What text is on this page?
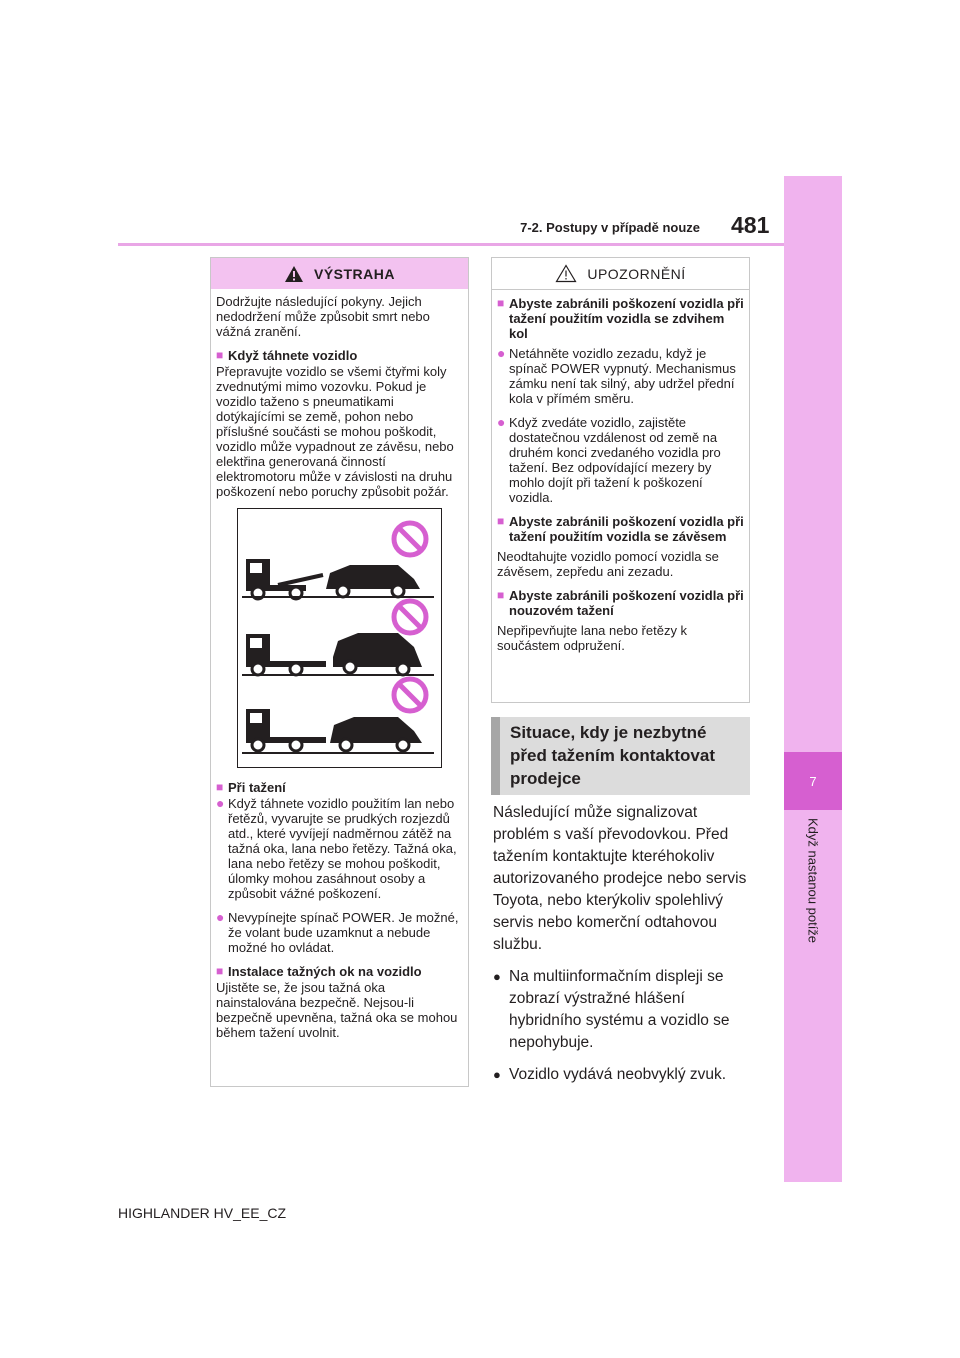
7
Když nastanou potíže
7-2. Postupy v případě nouze 481
VÝSTRAHA

Dodržujte následující pokyny. Jejich nedodržení může způsobit smrt nebo vážná zranění.

■ Když táhnete vozidlo

Přepravujte vozidlo se všemi čtyřmi koly zvednutými mimo vozovku. Pokud je vozidlo taženo s pneumatikami dotýkajícími se země, pohon nebo příslušné součásti se mohou poškodit, vozidlo může vypadnout ze závěsu, nebo elektřina generovaná činností elektromotoru může v závislosti na druhu poškození nebo poruchy způsobit požár.

■ Při tažení
● Když táhnete vozidlo použitím lan nebo řetězů, vyvarujte se prudkých rozjezdů atd., které vyvíjejí nadměrnou zátěž na tažná oka, lana nebo řetězy. Tažná oka, lana nebo řetězy se mohou poškodit, úlomky mohou zasáhnout osoby a způsobit vážné poškození.
● Nevypínejte spínač POWER. Je možné, že volant bude uzamknut a nebude možné ho ovládat.
■ Instalace tažných ok na vozidlo

Ujistěte se, že jsou tažná oka nainstalována bezpečně. Nejsou-li bezpečně upevněna, tažná oka se mohou během tažení uvolnit.

UPOZORNĚNÍ
■ Abyste zabránili poškození vozidla při tažení použitím vozidla se zdvihem kol
● Netáhněte vozidlo zezadu, když je spínač POWER vypnutý. Mechanismus zámku není tak silný, aby udržel přední kola v přímém směru.
● Když zvedáte vozidlo, zajistěte dostatečnou vzdálenost od země na druhém konci zvedaného vozidla pro tažení. Bez odpovídající mezery by mohlo dojít při tažení k poškození vozidla.
■ Abyste zabránili poškození vozidla při tažení použitím vozidla se závěsem

Neodtahujte vozidlo pomocí vozidla se závěsem, zepředu ani zezadu.

■ Abyste zabránili poškození vozidla při nouzovém tažení

Nepřipevňujte lana nebo řetězy k součástem odpružení.

Situace, kdy je nezbytné
před tažením kontaktovat
prodejce

Následující může signalizovat problém s vaší převodovkou. Před tažením kontaktujte kteréhokoliv autorizovaného prodejce nebo servis Toyota, nebo kterýkoliv spolehlivý servis nebo komerční odtahovou službu.

● Na multiinformačním displeji se zobrazí výstražné hlášení hybridního systému a vozidlo se nepohybuje.
● Vozidlo vydává neobvyklý zvuk.
HIGHLANDER HV_EE_CZ
